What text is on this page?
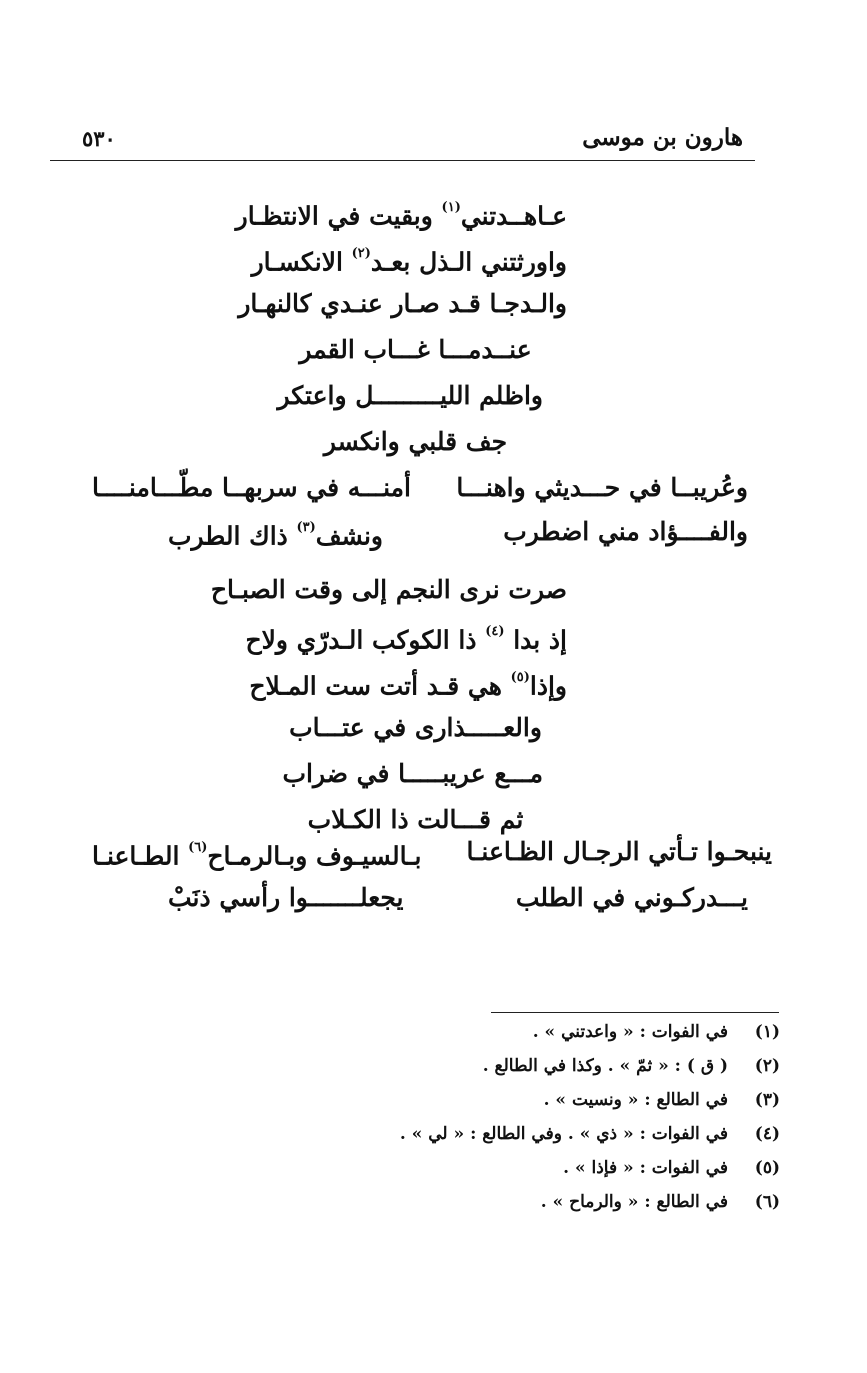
هارون بن موسى
٥٣٠
عـاهــدتني$^{(١)}$ وبقيت في الانتظـار
واورثتني الـذل بعـد$^{(٢)}$ الانكسـار
والـدجـا قـد صـار عنـدي كالنهـار
عنــدمـــا غـــاب القمر
واظلم الليـــــــــل واعتكر
جف قلبي وانكسر
وعُريبــا في حـــديثي واهنـــا
أمنـــه في سربهــا مطّـــامنــــا
والفــــؤاد مني اضطرب
ونشف$^{(٣)}$ ذاك الطرب
صرت نرى النجم إلى وقت الصبـاح
إذ بدا $^{(٤)}$ ذا الكوكب الـدرّي ولاح
وإذا$^{(٥)}$ هي قـد أتت ست المـلاح
والعـــــذارى في عتـــاب
مـــع عريبـــــا في ضراب
ثم قـــالت ذا الكـلاب
ينبحـوا تـأتي الرجـال الظـاعنـا
بـالسيـوف وبـالرمـاح$^{(٦)}$ الطـاعنـا
يـــدركـوني في الطلب
يجعلـــــــوا رأسي ذنَبْ
(١)
في الفوات : « واعدتني » .
(٢)
( ق ) : « ثمّ » . وكذا في الطالع .
(٣)
في الطالع : « ونسيت » .
(٤)
في الفوات : « ذي » . وفي الطالع : « لي » .
(٥)
في الفوات : « فإذا » .
(٦)
في الطالع : « والرماح » .
